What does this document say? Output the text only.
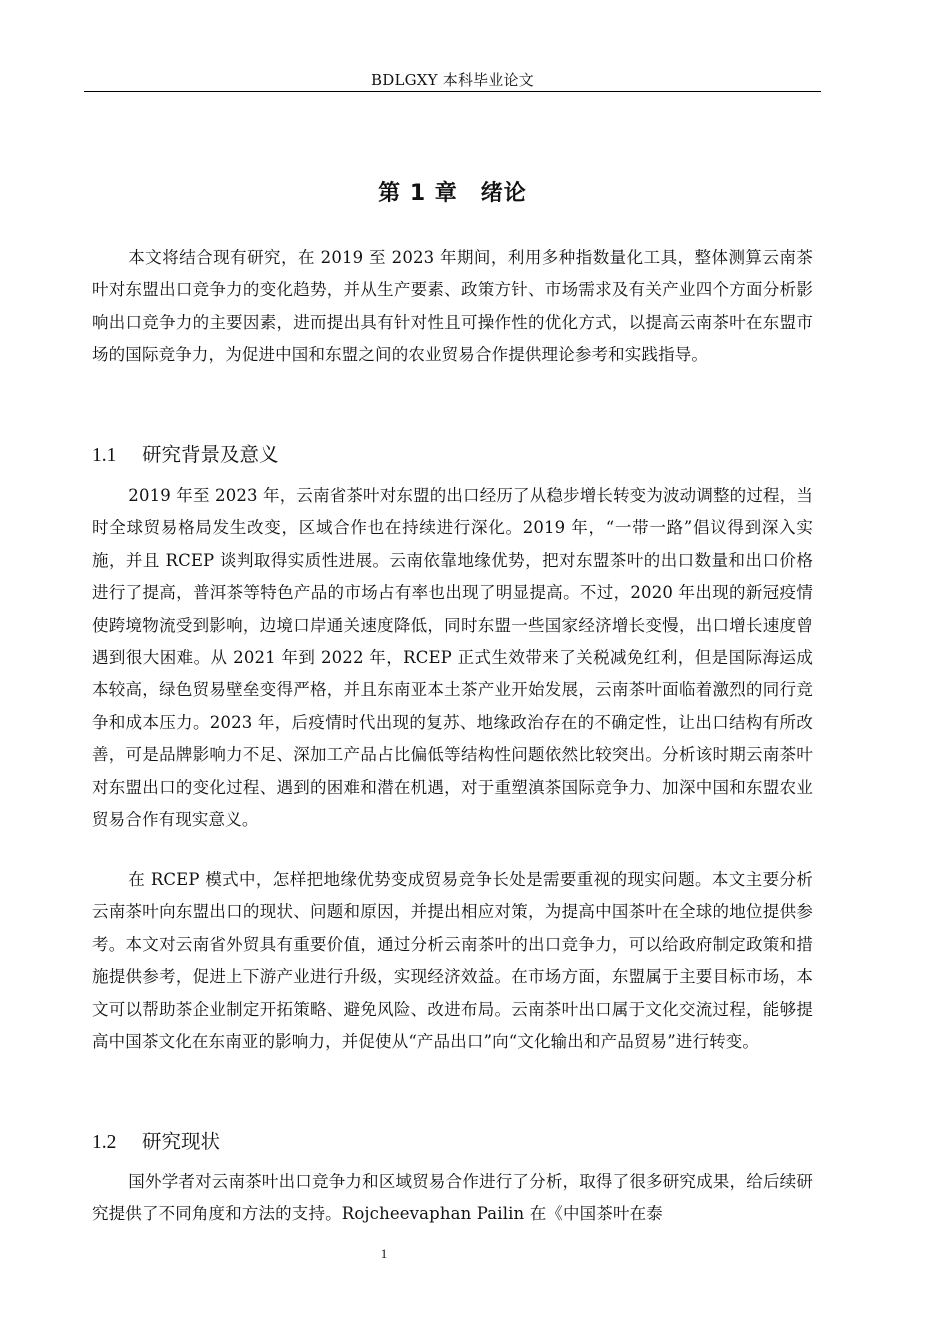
BDLGXY 本科毕业论文
第 1 章　绪论

本文将结合现有研究，在 2019 至 2023 年期间，利用多种指数量化工具，整体测算云南茶叶对东盟出口竞争力的变化趋势，并从生产要素、政策方针、市场需求及有关产业四个方面分析影响出口竞争力的主要因素，进而提出具有针对性且可操作性的优化方式，以提高云南茶叶在东盟市场的国际竞争力，为促进中国和东盟之间的农业贸易合作提供理论参考和实践指导。

1.1 研究背景及意义

2019 年至 2023 年，云南省茶叶对东盟的出口经历了从稳步增长转变为波动调整的过程，当时全球贸易格局发生改变，区域合作也在持续进行深化。2019 年，“一带一路”倡议得到深入实施，并且 RCEP 谈判取得实质性进展。云南依靠地缘优势，把对东盟茶叶的出口数量和出口价格进行了提高，普洱茶等特色产品的市场占有率也出现了明显提高。不过，2020 年出现的新冠疫情使跨境物流受到影响，边境口岸通关速度降低，同时东盟一些国家经济增长变慢，出口增长速度曾遇到很大困难。从 2021 年到 2022 年，RCEP 正式生效带来了关税减免红利，但是国际海运成本较高，绿色贸易壁垒变得严格，并且东南亚本土茶产业开始发展，云南茶叶面临着激烈的同行竞争和成本压力。2023 年，后疫情时代出现的复苏、地缘政治存在的不确定性，让出口结构有所改善，可是品牌影响力不足、深加工产品占比偏低等结构性问题依然比较突出。分析该时期云南茶叶对东盟出口的变化过程、遇到的困难和潜在机遇，对于重塑滇茶国际竞争力、加深中国和东盟农业贸易合作有现实意义。

在 RCEP 模式中，怎样把地缘优势变成贸易竞争长处是需要重视的现实问题。本文主要分析云南茶叶向东盟出口的现状、问题和原因，并提出相应对策，为提高中国茶叶在全球的地位提供参考。本文对云南省外贸具有重要价值，通过分析云南茶叶的出口竞争力，可以给政府制定政策和措施提供参考，促进上下游产业进行升级，实现经济效益。在市场方面，东盟属于主要目标市场，本文可以帮助茶企业制定开拓策略、避免风险、改进布局。云南茶叶出口属于文化交流过程，能够提高中国茶文化在东南亚的影响力，并促使从“产品出口”向“文化输出和产品贸易”进行转变。

1.2 研究现状

国外学者对云南茶叶出口竞争力和区域贸易合作进行了分析，取得了很多研究成果，给后续研究提供了不同角度和方法的支持。Rojcheevaphan Pailin 在《中国茶叶在泰

1
